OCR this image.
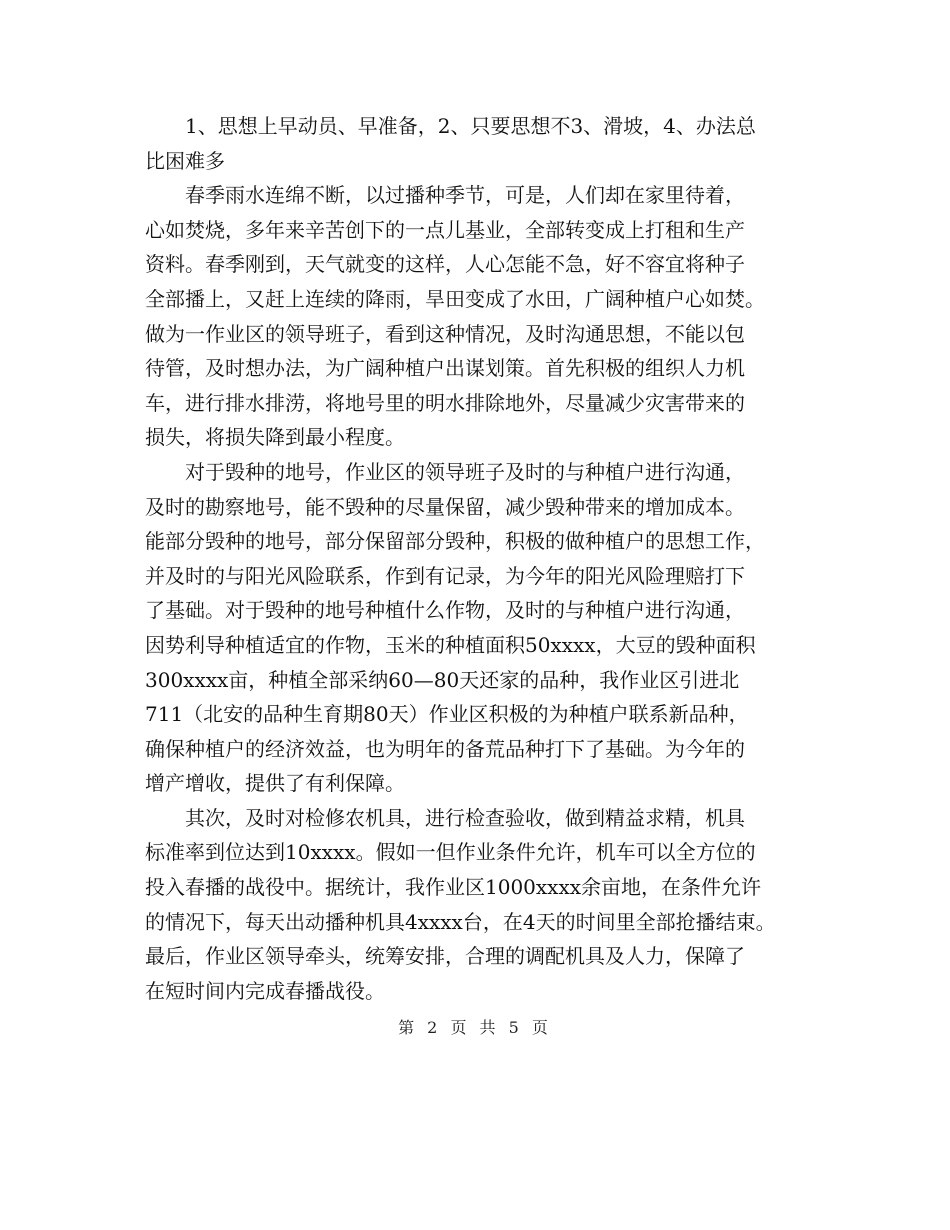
1、思想上早动员、早准备，2、只要思想不3、滑坡，4、办法总
比困难多
春季雨水连绵不断，以过播种季节，可是，人们却在家里待着，
心如焚烧，多年来辛苦创下的一点儿基业，全部转变成上打租和生产
资料。春季刚到，天气就变的这样，人心怎能不急，好不容宜将种子
全部播上，又赶上连续的降雨，旱田变成了水田，广阔种植户心如焚。
做为一作业区的领导班子，看到这种情况，及时沟通思想，不能以包
待管，及时想办法，为广阔种植户出谋划策。首先积极的组织人力机
车，进行排水排涝，将地号里的明水排除地外，尽量减少灾害带来的
损失，将损失降到最小程度。
对于毁种的地号，作业区的领导班子及时的与种植户进行沟通，
及时的勘察地号，能不毁种的尽量保留，减少毁种带来的增加成本。
能部分毁种的地号，部分保留部分毁种，积极的做种植户的思想工作，
并及时的与阳光风险联系，作到有记录，为今年的阳光风险理赔打下
了基础。对于毁种的地号种植什么作物，及时的与种植户进行沟通，
因势利导种植适宜的作物，玉米的种植面积50xxxx，大豆的毁种面积
300xxxx亩，种植全部采纳60—80天还家的品种，我作业区引进北
711（北安的品种生育期80天）作业区积极的为种植户联系新品种，
确保种植户的经济效益，也为明年的备荒品种打下了基础。为今年的
增产增收，提供了有利保障。
其次，及时对检修农机具，进行检查验收，做到精益求精，机具
标准率到位达到10xxxx。假如一但作业条件允许，机车可以全方位的
投入春播的战役中。据统计，我作业区1000xxxx余亩地，在条件允许
的情况下，每天出动播种机具4xxxx台，在4天的时间里全部抢播结束。
最后，作业区领导牵头，统筹安排，合理的调配机具及人力，保障了
在短时间内完成春播战役。
第 2 页 共 5 页
